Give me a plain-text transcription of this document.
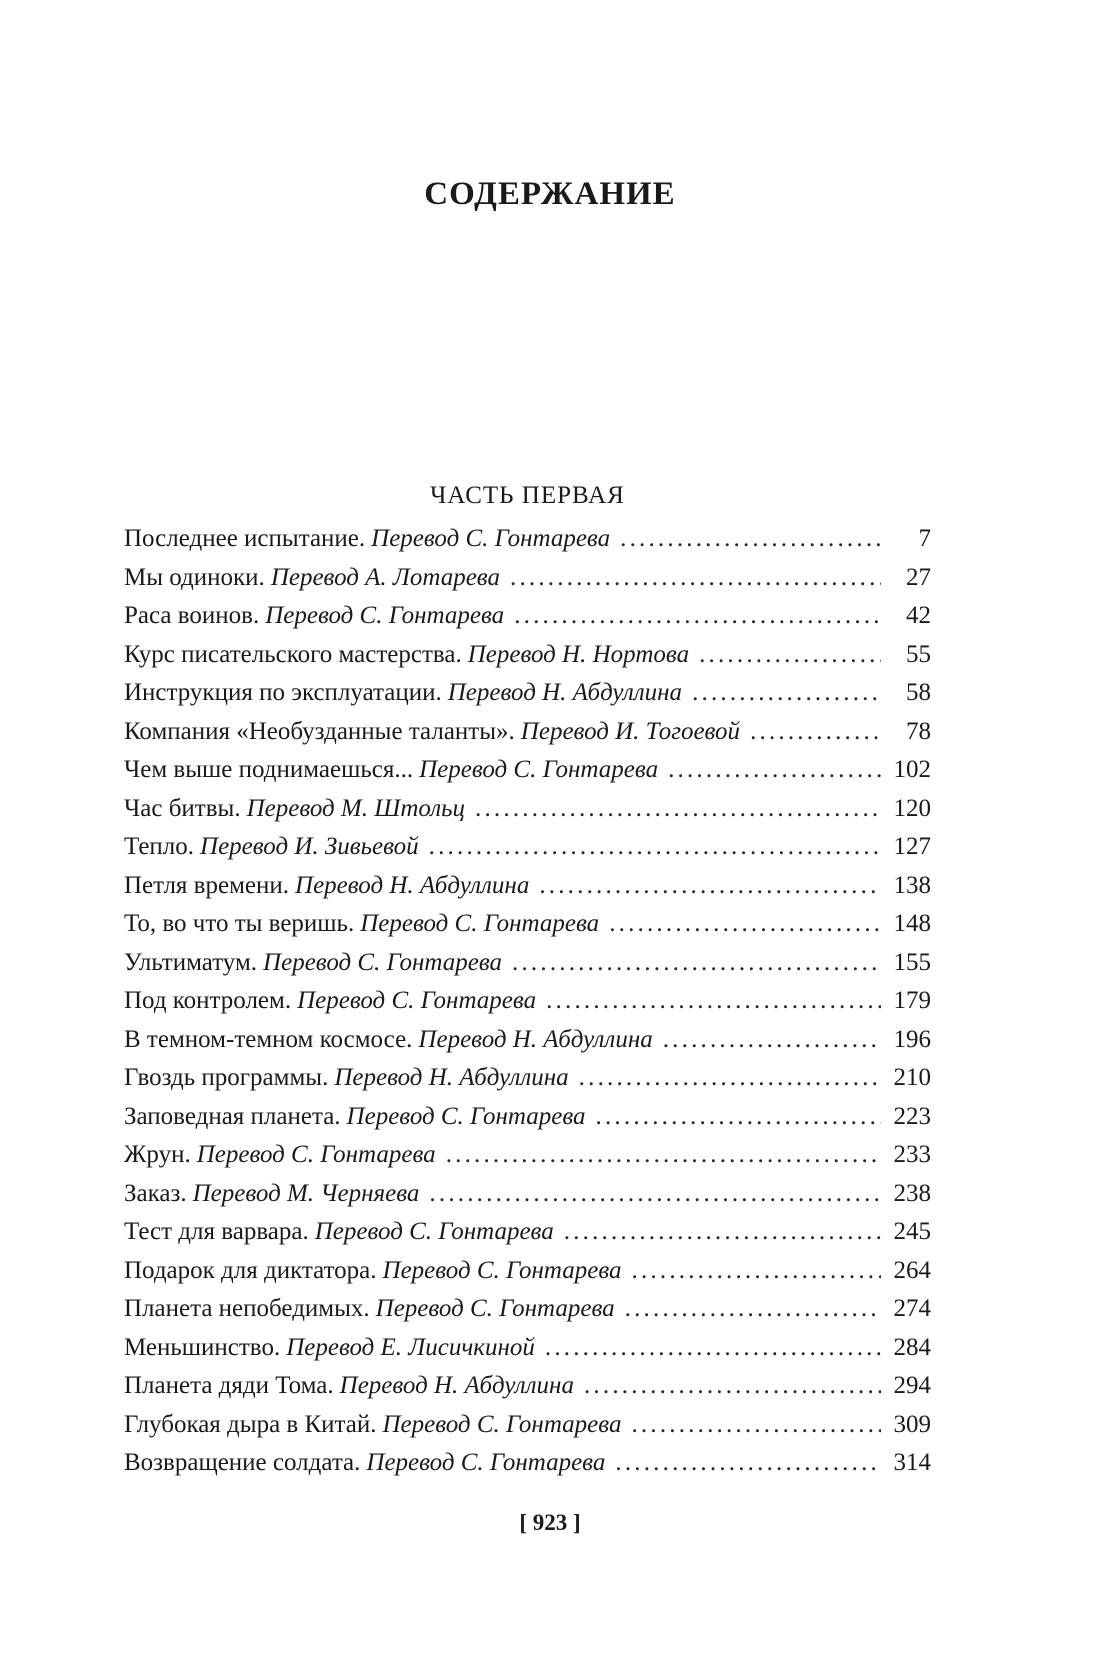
СОДЕРЖАНИЕ
ЧАСТЬ ПЕРВАЯ
Последнее испытание. Перевод С. Гонтарева .....	7
Мы одиноки. Перевод А. Лотарева .....	27
Раса воинов. Перевод С. Гонтарева .....	42
Курс писательского мастерства. Перевод Н. Нортова .....	55
Инструкция по эксплуатации. Перевод Н. Абдуллина .....	58
Компания «Необузданные таланты». Перевод И. Тогоевой .....	78
Чем выше поднимаешься... Перевод С. Гонтарева .....	102
Час битвы. Перевод М. Штольц .....	120
Тепло. Перевод И. Зивьевой .....	127
Петля времени. Перевод Н. Абдуллина .....	138
То, во что ты веришь. Перевод С. Гонтарева .....	148
Ультиматум. Перевод С. Гонтарева .....	155
Под контролем. Перевод С. Гонтарева .....	179
В темном-темном космосе. Перевод Н. Абдуллина .....	196
Гвоздь программы. Перевод Н. Абдуллина .....	210
Заповедная планета. Перевод С. Гонтарева .....	223
Жрун. Перевод С. Гонтарева .....	233
Заказ. Перевод М. Черняева .....	238
Тест для варвара. Перевод С. Гонтарева .....	245
Подарок для диктатора. Перевод С. Гонтарева .....	264
Планета непобедимых. Перевод С. Гонтарева .....	274
Меньшинство. Перевод Е. Лисичкиной .....	284
Планета дяди Тома. Перевод Н. Абдуллина .....	294
Глубокая дыра в Китай. Перевод С. Гонтарева .....	309
Возвращение солдата. Перевод С. Гонтарева .....	314
[ 923 ]
